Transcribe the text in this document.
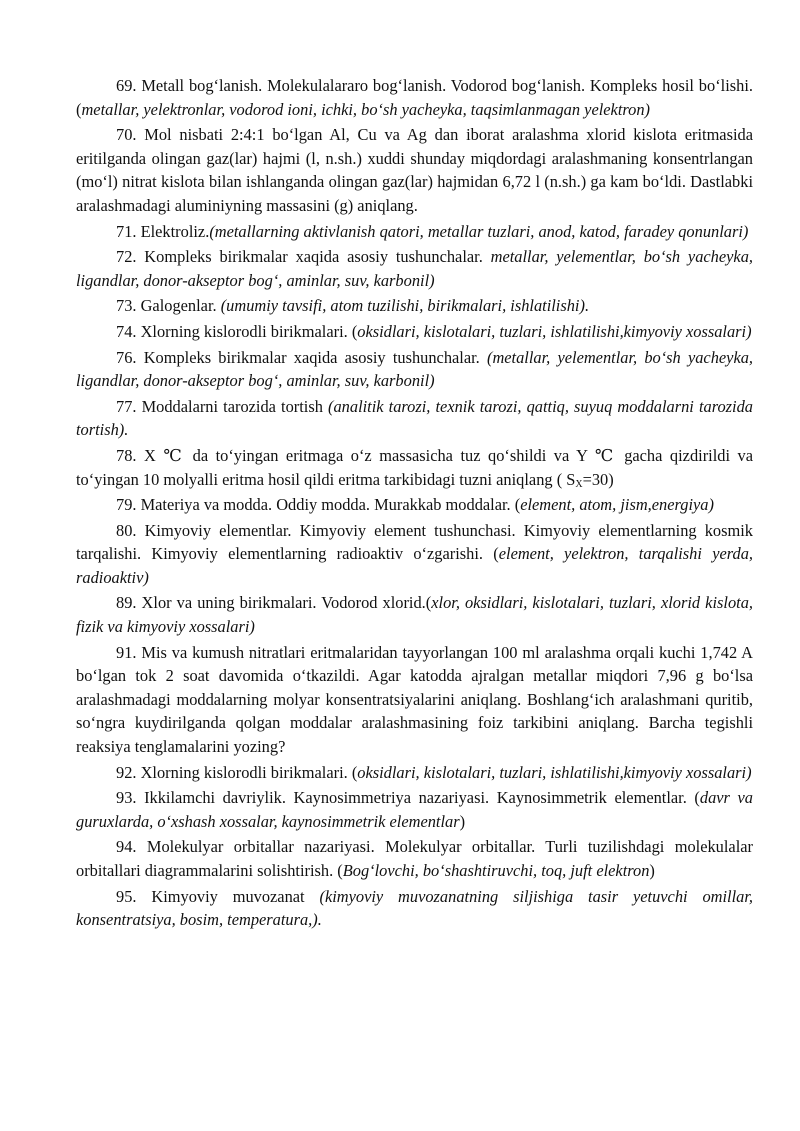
69. Metall bog‘lanish. Molekulalararo bog‘lanish. Vodorod bog‘lanish. Kompleks hosil bo‘lishi. (metallar, yelektronlar, vodorod ioni, ichki, bo‘sh yacheyka, taqsimlanmagan yelektron)

70. Mol nisbati 2:4:1 bo‘lgan Al, Cu va Ag dan iborat aralashma xlorid kislota eritmasida eritilganda olingan gaz(lar) hajmi (l, n.sh.) xuddi shunday miqdordagi aralashmaning konsentrlangan (mo‘l) nitrat kislota bilan ishlanganda olingan gaz(lar) hajmidan 6,72 l (n.sh.) ga kam bo‘ldi. Dastlabki aralashmadagi aluminiyning massasini (g) aniqlang.

71. Elektroliz.(metallarning aktivlanish qatori, metallar tuzlari, anod, katod, faradey qonunlari)

72. Kompleks birikmalar xaqida asosiy tushunchalar. metallar, yelementlar, bo‘sh yacheyka, ligandlar, donor-akseptor bog‘, aminlar, suv, karbonil)

73. Galogenlar. (umumiy tavsifi, atom tuzilishi, birikmalari, ishlatilishi).

74. Xlorning kislorodli birikmalari. (oksidlari, kislotalari, tuzlari, ishlatilishi,kimyoviy xossalari)

76. Kompleks birikmalar xaqida asosiy tushunchalar. (metallar, yelementlar, bo‘sh yacheyka, ligandlar, donor-akseptor bog‘, aminlar, suv, karbonil)

77. Moddalarni tarozida tortish (analitik tarozi, texnik tarozi, qattiq, suyuq moddalarni tarozida tortish).

78. X ℃ da to‘yingan eritmaga o‘z massasicha tuz qo‘shildi va Y ℃ gacha qizdirildi va to‘yingan 10 molyalli eritma hosil qildi eritma tarkibidagi tuzni aniqlang ( $S_X=30$)

79. Materiya va modda. Oddiy modda. Murakkab moddalar. (element, atom, jism,energiya)

80. Kimyoviy elementlar. Kimyoviy element tushunchasi. Kimyoviy elementlarning kosmik tarqalishi. Kimyoviy elementlarning radioaktiv o‘zgarishi. (element, yelektron, tarqalishi yerda, radioaktiv)

89. Xlor va uning birikmalari. Vodorod xlorid.(xlor, oksidlari, kislotalari, tuzlari, xlorid kislota, fizik va kimyoviy xossalari)

91. Mis va kumush nitratlari eritmalaridan tayyorlangan 100 ml aralashma orqali kuchi 1,742 A bo‘lgan tok 2 soat davomida o‘tkazildi. Agar katodda ajralgan metallar miqdori 7,96 g bo‘lsa aralashmadagi moddalarning molyar konsentratsiyalarini aniqlang. Boshlang‘ich aralashmani quritib, so‘ngra kuydirilganda qolgan moddalar aralashmasining foiz tarkibini aniqlang. Barcha tegishli reaksiya tenglamalarini yozing?

92. Xlorning kislorodli birikmalari. (oksidlari, kislotalari, tuzlari, ishlatilishi,kimyoviy xossalari)

93. Ikkilamchi davriylik. Kaynosimmetriya nazariyasi. Kaynosimmetrik elementlar. (davr va guruxlarda, o‘xshash xossalar, kaynosimmetrik elementlar)

94. Molekulyar orbitallar nazariyasi. Molekulyar orbitallar. Turli tuzilishdagi molekulalar orbitallari diagrammalarini solishtirish. (Bog‘lovchi, bo‘shashtiruvchi, toq, juft elektron)

95. Kimyoviy muvozanat (kimyoviy muvozanatning siljishiga tasir yetuvchi omillar, konsentratsiya, bosim, temperatura,).
